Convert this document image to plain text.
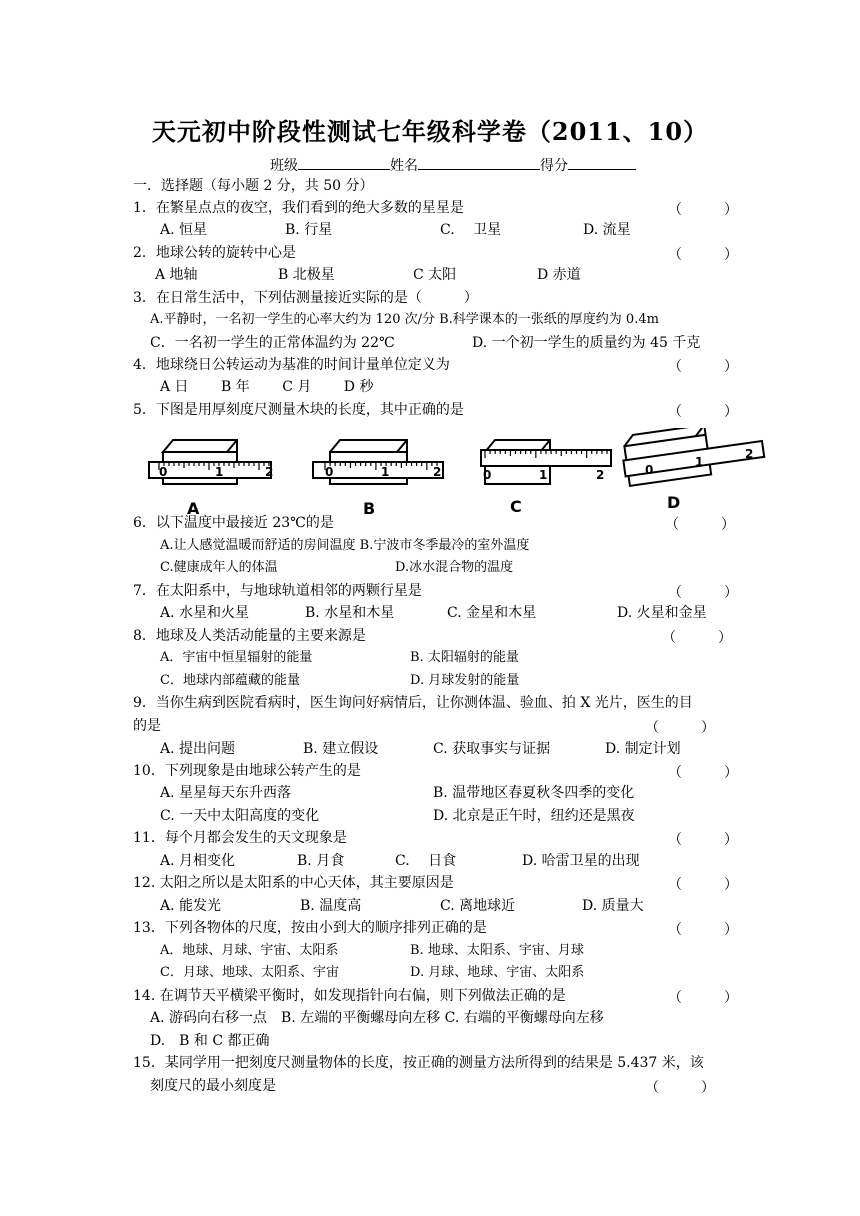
天元初中阶段性测试七年级科学卷（2011、10）
班级	姓名	得分
一．选择题（每小题 2 分，共 50 分）
1．在繁星点点的夜空，我们看到的绝大多数的星星是	（　　　）
A. 恒星	B. 行星	C.　 卫星	D. 流星
2．地球公转的旋转中心是	（　　　）
A 地轴	B 北极星	C 太阳	D 赤道
3．在日常生活中，下列估测量接近实际的是（　　　）
A.平静时，一名初一学生的心率大约为 120 次/分 B.科学课本的一张纸的厚度约为 0.4m
C．一名初一学生的正常体温约为 22℃	D. 一个初一学生的质量约为 45 千克
4．地球绕日公转运动为基准的时间计量单位定义为	（　　　）
A 日　　 B 年　　 C 月　　 D 秒
5．下图是用厚刻度尺测量木块的长度，其中正确的是	（　　　）
0	1	2	0	1	2	0	1	2	0
1
2
A	B	C	D
6．以下温度中最接近 23℃的是	（　　　）
A.让人感觉温暖而舒适的房间温度 B.宁波市冬季最冷的室外温度
C.健康成年人的体温	D.冰水混合物的温度
7．在太阳系中，与地球轨道相邻的两颗行星是	（　　　）
A. 水星和火星	B. 水星和木星	C. 金星和木星	D. 火星和金星
8．地球及人类活动能量的主要来源是	（　　　）
A．宇宙中恒星辐射的能量	B. 太阳辐射的能量
C．地球内部蕴藏的能量	D. 月球发射的能量
9．当你生病到医院看病时，医生询问好病情后，让你测体温、验血、拍 X 光片，医生的目
的是	（　　　）
A. 提出问题	B. 建立假设	C. 获取事实与证据	D. 制定计划
10．下列现象是由地球公转产生的是	（　　　）
A. 星星每天东升西落	B. 温带地区春夏秋冬四季的变化
C. 一天中太阳高度的变化	D. 北京是正午时，纽约还是黑夜
11．每个月都会发生的天文现象是	（　　　）
A. 月相变化	B. 月食	C.　 日食	D. 哈雷卫星的出现
12. 太阳之所以是太阳系的中心天体，其主要原因是	（　　　）
A. 能发光	B. 温度高	C. 离地球近	D. 质量大
13．下列各物体的尺度，按由小到大的顺序排列正确的是	（　　　）
A．地球、月球、宇宙、太阳系	B. 地球、太阳系、宇宙、月球
C．月球、地球、太阳系、宇宙	D. 月球、地球、宇宙、太阳系
14. 在调节天平横梁平衡时，如发现指针向右偏，则下列做法正确的是	（　　　）
A. 游码向右移一点　B. 左端的平衡螺母向左移 C. 右端的平衡螺母向左移
D.　B 和 C 都正确
15．某同学用一把刻度尺测量物体的长度，按正确的测量方法所得到的结果是 5.437 米，该
刻度尺的最小刻度是	（　　　）
